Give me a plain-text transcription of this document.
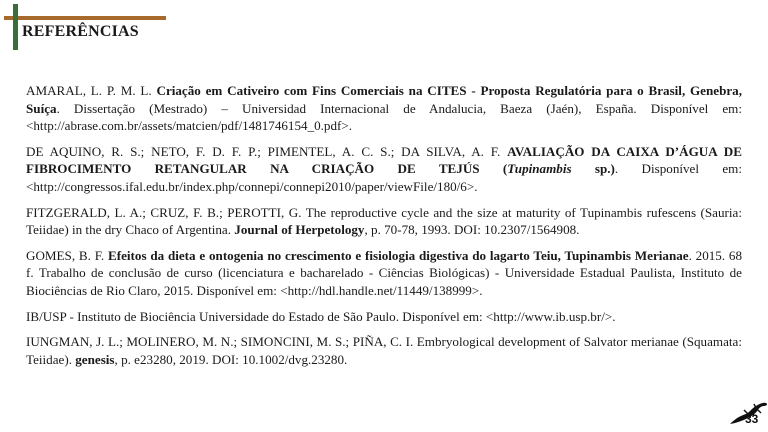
REFERÊNCIAS

AMARAL, L. P. M. L. Criação em Cativeiro com Fins Comerciais na CITES - Proposta Regulatória para o Brasil, Genebra, Suíça. Dissertação (Mestrado) – Universidad Internacional de Andalucia, Baeza (Jaén), España. Disponível em: <http://abrase.com.br/assets/matcien/pdf/1481746154_0.pdf>.

DE AQUINO, R. S.; NETO, F. D. F. P.; PIMENTEL, A. C. S.; DA SILVA, A. F. AVALIAÇÃO DA CAIXA D’ÁGUA DE FIBROCIMENTO RETANGULAR NA CRIAÇÃO DE TEJÚS (Tupinambis sp.). Disponível em: <http://congressos.ifal.edu.br/index.php/connepi/connepi2010/paper/viewFile/180/6>.

FITZGERALD, L. A.; CRUZ, F. B.; PEROTTI, G. The reproductive cycle and the size at maturity of Tupinambis rufescens (Sauria: Teiidae) in the dry Chaco of Argentina. Journal of Herpetology, p. 70-78, 1993. DOI: 10.2307/1564908.

GOMES, B. F. Efeitos da dieta e ontogenia no crescimento e fisiologia digestiva do lagarto Teiu, Tupinambis Merianae. 2015. 68 f. Trabalho de conclusão de curso (licenciatura e bacharelado - Ciências Biológicas) - Universidade Estadual Paulista, Instituto de Biociências de Rio Claro, 2015. Disponível em: <http://hdl.handle.net/11449/138999>.

IB/USP - Instituto de Biociência Universidade do Estado de São Paulo. Disponível em: <http://www.ib.usp.br/>.

IUNGMAN, J. L.; MOLINERO, M. N.; SIMONCINI, M. S.; PIÑA, C. I. Embryological development of Salvator merianae (Squamata: Teiidae). genesis, p. e23280, 2019. DOI: 10.1002/dvg.23280.

33
